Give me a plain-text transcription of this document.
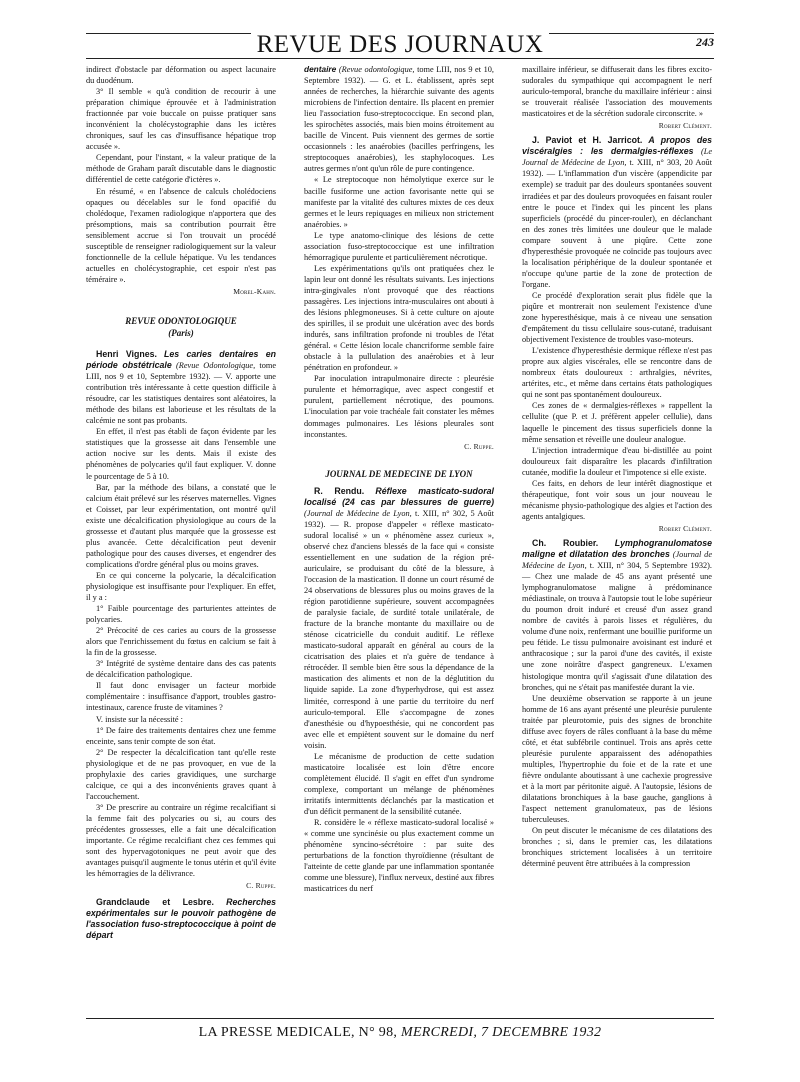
REVUE DES JOURNAUX	243

indirect d'obstacle par déformation ou aspect lacunaire du duodénum.

3° Il semble « qu'à condition de recourir à une préparation chimique éprouvée et à l'administration fractionnée par voie buccale on puisse pratiquer sans inconvénient la cholécystographie dans les ictères chroniques, sauf les cas d'insuffisance hépatique trop accusée ».

Cependant, pour l'instant, « la valeur pratique de la méthode de Graham paraît discutable dans le diagnostic différentiel de cette catégorie d'ictères ».

En résumé, « en l'absence de calculs cholédociens opaques ou décelables sur le fond opacifié du cholédoque, l'examen radiologique n'apportera que des présomptions, mais sa contribution pourrait être sensiblement accrue si l'on trouvait un procédé susceptible de renseigner radiologiquement sur la valeur fonctionnelle de la cellule hépatique. Vu les tendances actuelles en cholécystographie, cet espoir n'est pas téméraire ».

Morel-Kahn.
REVUE ODONTOLOGIQUE
(Paris)

Henri Vignes. Les caries dentaires en période obstétricale (Revue Odontologique, tome LIII, nos 9 et 10, Septembre 1932). — V. apporte une contribution très intéressante à cette question difficile à résoudre, car les statistiques dentaires sont aléatoires, la méthode des bilans est laborieuse et les résultats de la calcémie ne sont pas probants.

En effet, il n'est pas établi de façon évidente par les statistiques que la grossesse ait dans l'ensemble une action nocive sur les dents. Mais il existe des phénomènes de polycaries qu'il faut expliquer. V. donne le pourcentage de 5 à 10.

Bar, par la méthode des bilans, a constaté que le calcium était prélevé sur les réserves maternelles. Vignes et Coisset, par leur expérimentation, ont montré qu'il existe une décalcification physiologique au cours de la grossesse et d'autant plus marquée que la grossesse est plus avancée. Cette décalcification peut devenir pathologique pour des causes diverses, et engendrer des complications d'ordre général plus ou moins graves.

En ce qui concerne la polycarie, la décalcification physiologique est insuffisante pour l'expliquer. En effet, il y a :

1° Faible pourcentage des parturientes atteintes de polycaries.

2° Précocité de ces caries au cours de la grossesse alors que l'enrichissement du fœtus en calcium se fait à la fin de la grossesse.

3° Intégrité de système dentaire dans des cas patents de décalcification pathologique.

Il faut donc envisager un facteur morbide complémentaire : insuffisance d'apport, troubles gastro-intestinaux, carence fruste de vitamines ?

V. insiste sur la nécessité :

1° De faire des traitements dentaires chez une femme enceinte, sans tenir compte de son état.

2° De respecter la décalcification tant qu'elle reste physiologique et de ne pas provoquer, en vue de la prophylaxie des caries gravidiques, une surcharge calcique, ce qui a des inconvénients graves quant à l'accouchement.

3° De prescrire au contraire un régime recalcifiant si la femme fait des polycaries ou si, au cours des précédentes grossesses, elle a fait une décalcification importante. Ce régime recalcifiant chez ces femmes qui sont des hypervagotoniques ne peut avoir que des avantages puisqu'il augmente le tonus utérin et qu'il évite les hémorragies de la délivrance.

C. Ruppe.

Grandclaude et Lesbre. Recherches expérimentales sur le pouvoir pathogène de l'association fuso-streptococcique à point de départ

dentaire (Revue odontologique, tome LIII, nos 9 et 10, Septembre 1932). — G. et L. établissent, après sept années de recherches, la hiérarchie suivante des agents microbiens de l'infection dentaire. Ils placent en premier lieu l'association fuso-streptococcique. En second plan, les spirochètes associés, mais bien moins étroitement au bacille de Vincent. Puis viennent des germes de sortie occasionnels : les anaérobies (bacilles perfringens, les streptocoques anaérobies), les staphylocoques. Les autres germes n'ont qu'un rôle de pure contingence.

« Le streptocoque non hémolytique exerce sur le bacille fusiforme une action favorisante nette qui se manifeste par la vitalité des cultures mixtes de ces deux germes et le leurs repiquages en milieux non strictement anaérobies. »

Le type anatomo-clinique des lésions de cette association fuso-streptococcique est une infiltration hémorragique purulente et particulièrement nécrotique.

Les expérimentations qu'ils ont pratiquées chez le lapin leur ont donné les résultats suivants. Les injections intra-gingivales n'ont provoqué que des réactions passagères. Les injections intra-musculaires ont abouti à des lésions phlegmoneuses. Si à cette culture on ajoute des spirilles, il se produit une ulcération avec des bords indurés, sans infiltration profonde ni troubles de l'état général. « Cette lésion locale chancriforme semble faire obstacle à la pullulation des anaérobies et à leur pénétration en profondeur. »

Par inoculation intrapulmonaire directe : pleurésie purulente et hémorragique, avec aspect congestif et purulent, partiellement nécrotique, des poumons. L'inoculation par voie trachéale fait constater les mêmes dommages pulmonaires. Les lésions pleurales sont inconstantes.

C. Ruppe.
JOURNAL DE MEDECINE DE LYON

R. Rendu. Réflexe masticato-sudoral localisé (24 cas par blessures de guerre) (Journal de Médecine de Lyon, t. XIII, n° 302, 5 Août 1932). — R. propose d'appeler « réflexe masticato-sudoral localisé » un « phénomène assez curieux », observé chez d'anciens blessés de la face qui « consiste essentiellement en une sudation de la région pré-auriculaire, se produisant du côté de la blessure, à l'occasion de la mastication. Il donne un court résumé de 24 observations de blessures plus ou moins graves de la région parotidienne supérieure, souvent accompagnées de paralysie faciale, de surdité totale unilatérale, de fracture de la branche montante du maxillaire ou de sténose cicatricielle du conduit auditif. Le réflexe masticato-sudoral apparaît en général au cours de la cicatrisation des plaies et n'a guère de tendance à rétrocéder. Il semble bien être sous la dépendance de la mastication des aliments et non de la déglutition du liquide sapide. La zone d'hyperhydrose, qui est assez limitée, correspond à une partie du territoire du nerf auriculo-temporal. Elle s'accompagne de zones d'anesthésie ou d'hypoesthésie, qui ne concordent pas avec elle et empiètent souvent sur le domaine du nerf voisin.

Le mécanisme de production de cette sudation masticatoire localisée est loin d'être encore complètement élucidé. Il s'agit en effet d'un syndrome complexe, comportant un mélange de phénomènes irritatifs intermittents déclanchés par la mastication et d'un déficit permanent de la sensibilité cutanée.

R. considère le « réflexe masticato-sudoral localisé » « comme une syncinésie ou plus exactement comme un phénomène syncino-sécrétoire : par suite des perturbations de la fonction thyroïdienne (résultant de l'atteinte de cette glande par une inflammation spontanée comme une blessure), l'influx nerveux, destiné aux fibres masticatrices du nerf

maxillaire inférieur, se diffuserait dans les fibres excito-sudorales du sympathique qui accompagnent le nerf auriculo-temporal, branche du maxillaire inférieur : ainsi se trouverait réalisée l'association des mouvements masticatoires et de la sécrétion sudorale circonscrite. »

Robert Clément.

J. Paviot et H. Jarricot. A propos des viscéralgies : les dermalgies-réflexes (Le Journal de Médecine de Lyon, t. XIII, n° 303, 20 Août 1932). — L'inflammation d'un viscère (appendicite par exemple) se traduit par des douleurs spontanées souvent irradiées et par des douleurs provoquées en faisant rouler entre le pouce et l'index qui les pincent les plans superficiels (procédé du pincer-rouler), en déclanchant en des zones très limitées une douleur que le malade compare souvent à une piqûre. Cette zone d'hyperesthésie provoquée ne coïncide pas toujours avec la localisation périphérique de la douleur spontanée et n'occupe qu'une partie de la zone de protection de l'organe.

Ce procédé d'exploration serait plus fidèle que la piqûre et montrerait non seulement l'existence d'une zone hyperesthésique, mais à ce niveau une sensation d'empâtement du tissu cellulaire sous-cutané, traduisant objectivement l'existence de troubles vaso-moteurs.

L'existence d'hyperesthésie dermique réflexe n'est pas propre aux algies viscérales, elle se rencontre dans de nombreux états douloureux : arthralgies, névrites, artérites, etc., et même dans certains états pathologiques qui ne sont pas spontanément douloureux.

Ces zones de « dermalgies-réflexes » rappellent la cellulite (que P. et J. préfèrent appeler cellulie), dans laquelle le pincement des tissus superficiels donne la même sensation et réveille une douleur analogue.

L'injection intradermique d'eau bi-distillée au point douloureux fait disparaître les placards d'infiltration cutanée, modifie la douleur et l'impotence si elle existe.

Ces faits, en dehors de leur intérêt diagnostique et thérapeutique, font voir sous un jour nouveau le mécanisme physio-pathologique des algies et l'action des agents antalgiques.

Robert Clément.

Ch. Roubier. Lymphogranulomatose maligne et dilatation des bronches (Journal de Médecine de Lyon, t. XIII, n° 304, 5 Septembre 1932). — Chez une malade de 45 ans ayant présenté une lymphogranulomatose maligne à prédominance médiastinale, on trouva à l'autopsie tout le lobe supérieur du poumon droit induré et creusé d'un assez grand nombre de cavités à parois lisses et régulières, du volume d'une noix, renfermant une bouillie puriforme un peu fétide. Le tissu pulmonaire avoisinant est induré et anthracosique ; sur la paroi d'une des cavités, il existe une zone noirâtre d'aspect gangreneux. L'examen histologique montra qu'il s'agissait d'une dilatation des bronches, qui ne s'était pas manifestée durant la vie.

Une deuxième observation se rapporte à un jeune homme de 16 ans ayant présenté une pleurésie purulente traitée par pleurotomie, puis des signes de bronchite diffuse avec foyers de râles confluant à la base du même côté, et état subfébrile continuel. Trois ans après cette pleurésie purulente apparaissent des adénopathies multiples, l'hypertrophie du foie et de la rate et une fièvre ondulante aboutissant à une cachexie progressive et à la mort par péritonite aiguë. A l'autopsie, lésions de dilatations bronchiques à la base gauche, ganglions à l'aspect nettement granulomateux, pas de lésions tuberculeuses.

On peut discuter le mécanisme de ces dilatations des bronches ; si, dans le premier cas, les dilatations bronchiques strictement localisées à un territoire déterminé peuvent être attribuées à la compression

LA PRESSE MEDICALE, N° 98, MERCREDI, 7 DECEMBRE 1932
